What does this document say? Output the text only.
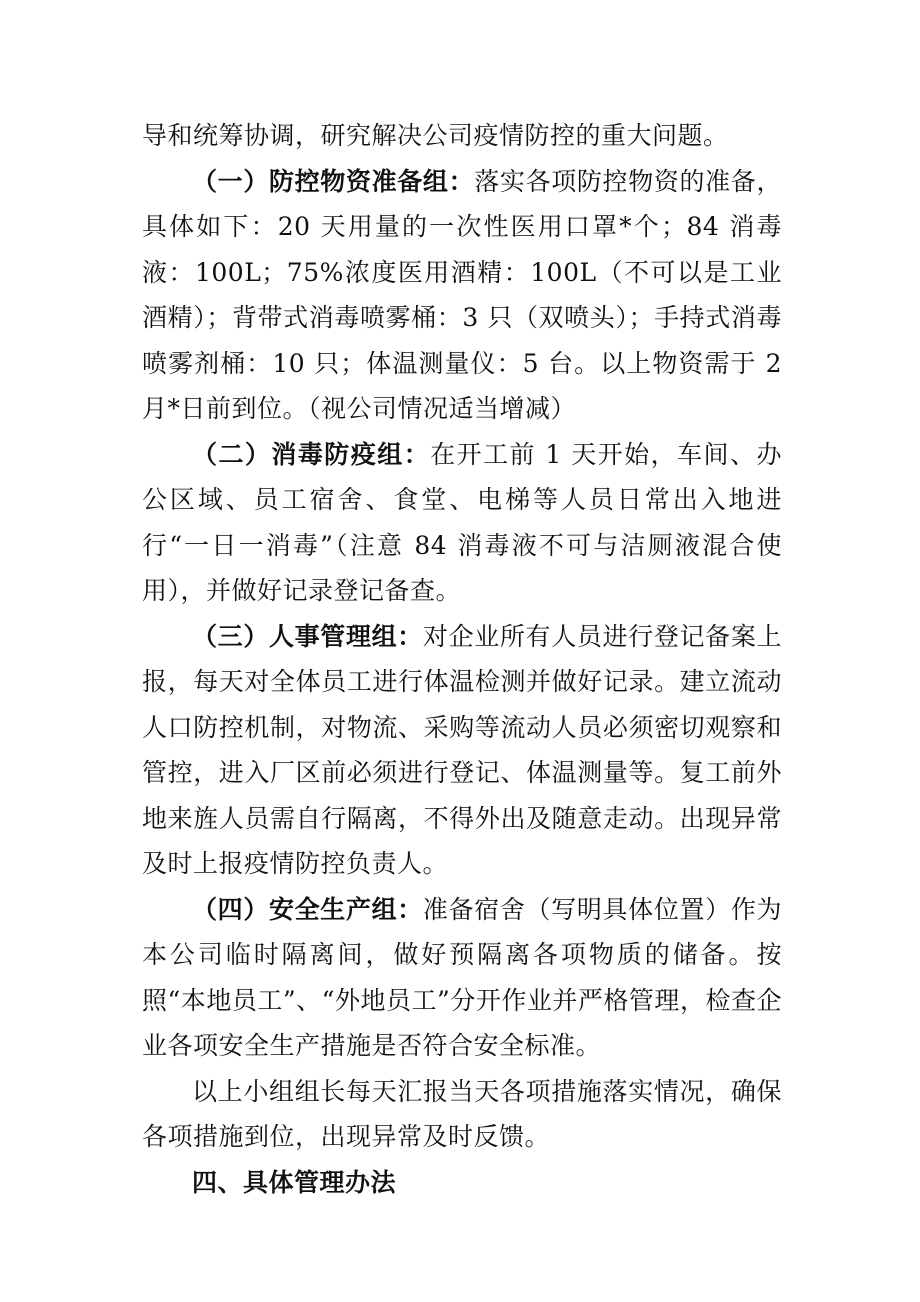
导和统筹协调，研究解决公司疫情防控的重大问题。

（一）防控物资准备组：落实各项防控物资的准备，具体如下：20 天用量的一次性医用口罩*个；84 消毒液：100L；75%浓度医用酒精：100L（不可以是工业酒精）；背带式消毒喷雾桶：3 只（双喷头）；手持式消毒喷雾剂桶：10 只；体温测量仪：5 台。以上物资需于 2 月*日前到位。（视公司情况适当增减）

（二）消毒防疫组：在开工前 1 天开始，车间、办公区域、员工宿舍、食堂、电梯等人员日常出入地进行“一日一消毒”（注意 84 消毒液不可与洁厕液混合使用），并做好记录登记备查。

（三）人事管理组：对企业所有人员进行登记备案上报，每天对全体员工进行体温检测并做好记录。建立流动人口防控机制，对物流、采购等流动人员必须密切观察和管控，进入厂区前必须进行登记、体温测量等。复工前外地来旌人员需自行隔离，不得外出及随意走动。出现异常及时上报疫情防控负责人。

（四）安全生产组：准备宿舍（写明具体位置）作为本公司临时隔离间，做好预隔离各项物质的储备。按照“本地员工”、“外地员工”分开作业并严格管理，检查企业各项安全生产措施是否符合安全标准。

以上小组组长每天汇报当天各项措施落实情况，确保各项措施到位，出现异常及时反馈。

四、具体管理办法
